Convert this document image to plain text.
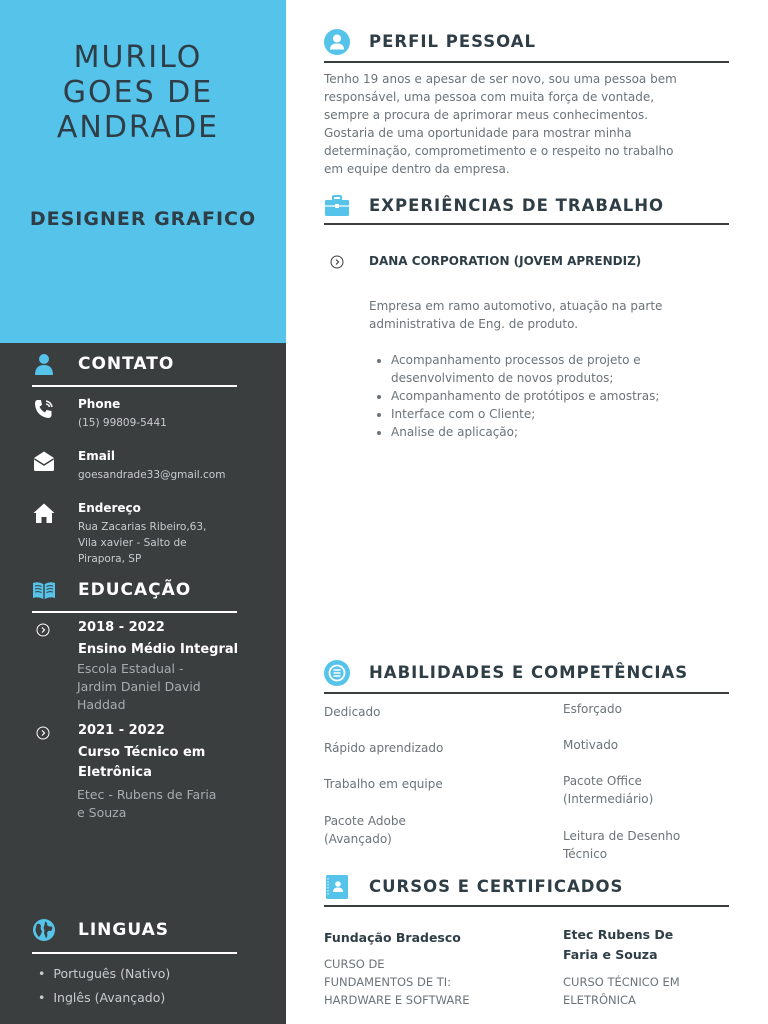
MURILO
GOES DE
ANDRADE
DESIGNER GRAFICO
CONTATO
Phone
(15) 99809-5441
Email
goesandrade33@gmail.com
Endereço
Rua Zacarias Ribeiro,63,
Vila xavier - Salto de
Pirapora, SP
EDUCAÇÃO
2018 - 2022
Ensino Médio Integral
Escola Estadual -
Jardim Daniel David
Haddad
2021 - 2022
Curso Técnico em
Eletrônica
Etec - Rubens de Faria
e Souza
LINGUAS
• Português (Nativo)
• Inglês (Avançado)
PERFIL PESSOAL
Tenho 19 anos e apesar de ser novo, sou uma pessoa bem
responsável, uma pessoa com muita força de vontade,
sempre a procura de aprimorar meus conhecimentos.
Gostaria de uma oportunidade para mostrar minha
determinação, comprometimento e o respeito no trabalho
em equipe dentro da empresa.
EXPERIÊNCIAS DE TRABALHO
DANA CORPORATION (JOVEM APRENDIZ)
Empresa em ramo automotivo, atuação na parte
administrativa de Eng. de produto.
• Acompanhamento processos de projeto e
desenvolvimento de novos produtos;
• Acompanhamento de protótipos e amostras;
• Interface com o Cliente;
• Analise de aplicação;
HABILIDADES E COMPETÊNCIAS
Dedicado
Rápido aprendizado
Trabalho em equipe
Pacote Adobe
(Avançado)
Esforçado
Motivado
Pacote Office
(Intermediário)
Leitura de Desenho
Técnico
CURSOS E CERTIFICADOS
Fundação Bradesco
CURSO DE
FUNDAMENTOS DE TI:
HARDWARE E SOFTWARE
Etec Rubens De
Faria e Souza
CURSO TÉCNICO EM
ELETRÔNICA
